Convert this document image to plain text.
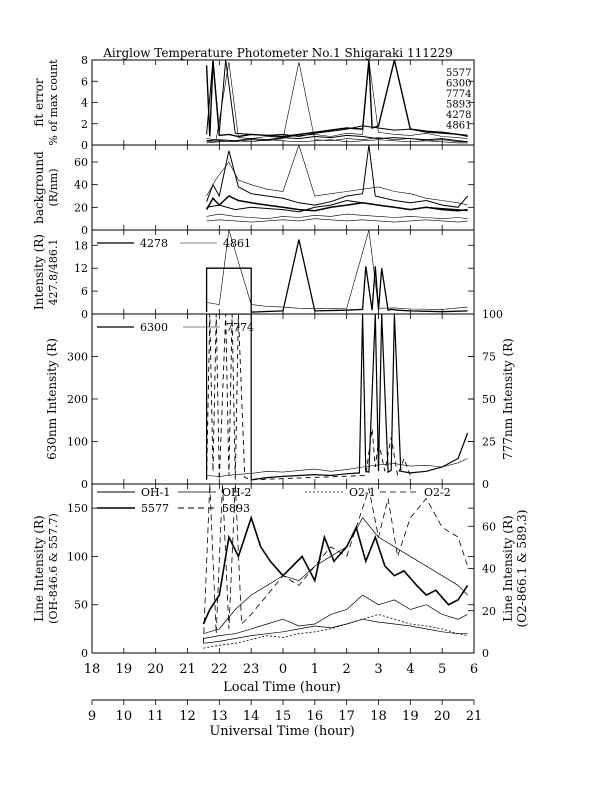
Airglow Temperature Photometer No.1 Shigaraki 111229
0
2
4
6
8
fit error % of max count
0
20
40
60
background (R/nm)
0
6
12
18
Intensity (R) 427.8/486.1
0
100
200
300
0
25
50
75
100
630nm Intensity (R)	777nm Intensity (R)
0
50
100
150
0
20
40
60
Line Intensity (R) (OH-846.6 & 557.7)	Line Intensity (R) (O2-866.1 & 589.3)
5577
6300
7774
5893
4278
4861
4278	4861
6300	7774
OH-1	OH-2	O2-1	O2-2
5577	5893
18 19 20 21 22 23 0 1 2 3 4 5 6
9 10 11 12 13 14 15 16 17 18 19 20 21
Local Time (hour)
Universal Time (hour)
